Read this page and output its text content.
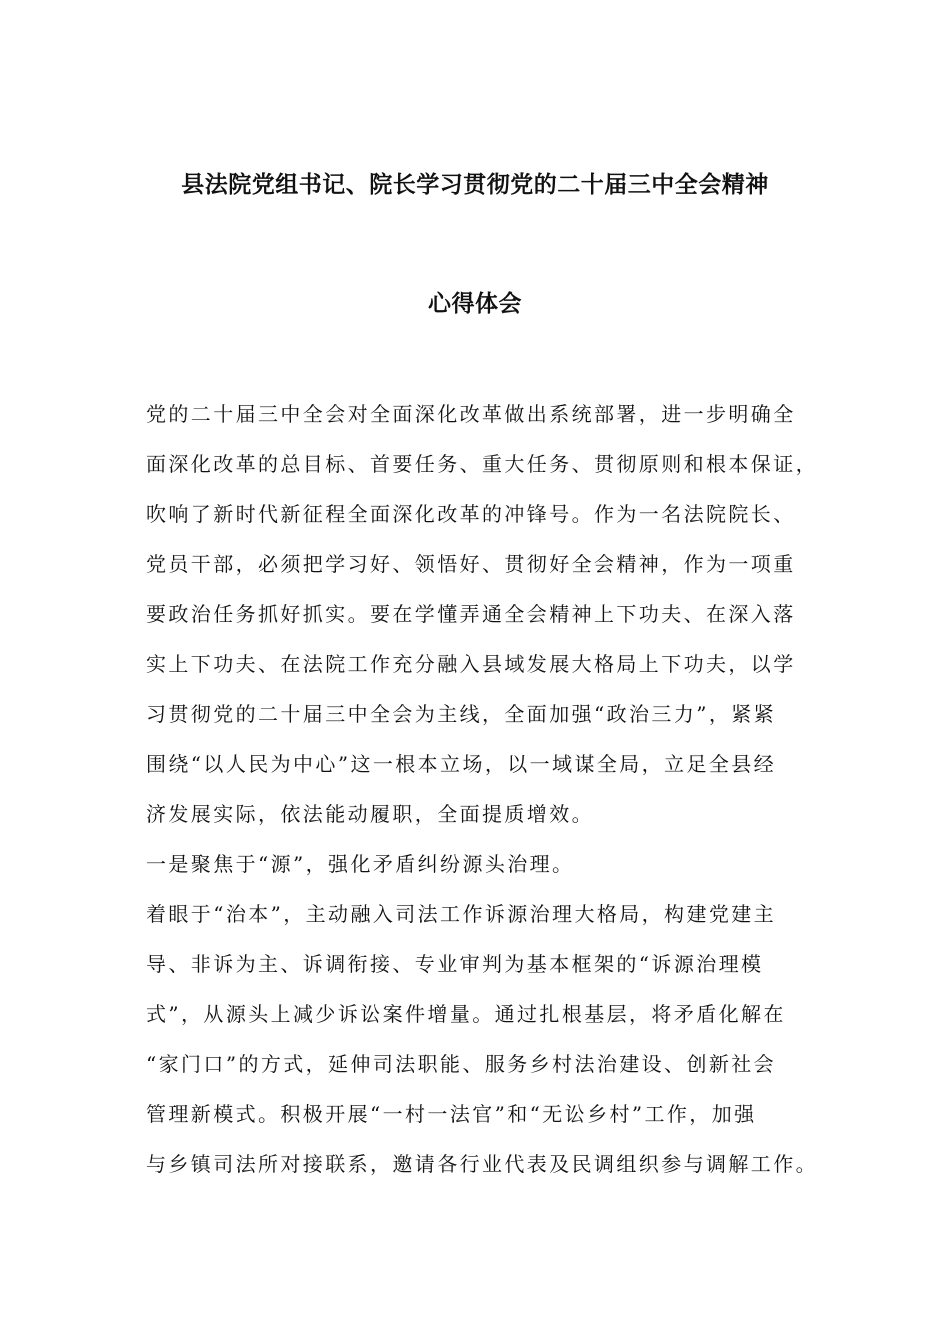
县法院党组书记、院长学习贯彻党的二十届三中全会精神
心得体会
党的二十届三中全会对全面深化改革做出系统部署，进一步明确全
面深化改革的总目标、首要任务、重大任务、贯彻原则和根本保证，
吹响了新时代新征程全面深化改革的冲锋号。作为一名法院院长、
党员干部，必须把学习好、领悟好、贯彻好全会精神，作为一项重
要政治任务抓好抓实。要在学懂弄通全会精神上下功夫、在深入落
实上下功夫、在法院工作充分融入县域发展大格局上下功夫，以学
习贯彻党的二十届三中全会为主线，全面加强“政治三力”，紧紧
围绕“以人民为中心”这一根本立场，以一域谋全局，立足全县经
济发展实际，依法能动履职，全面提质增效。
一是聚焦于“源”，强化矛盾纠纷源头治理。
着眼于“治本”，主动融入司法工作诉源治理大格局，构建党建主
导、非诉为主、诉调衔接、专业审判为基本框架的“诉源治理模
式”，从源头上减少诉讼案件增量。通过扎根基层，将矛盾化解在
“家门口”的方式，延伸司法职能、服务乡村法治建设、创新社会
管理新模式。积极开展“一村一法官”和“无讼乡村”工作，加强
与乡镇司法所对接联系，邀请各行业代表及民调组织参与调解工作。
